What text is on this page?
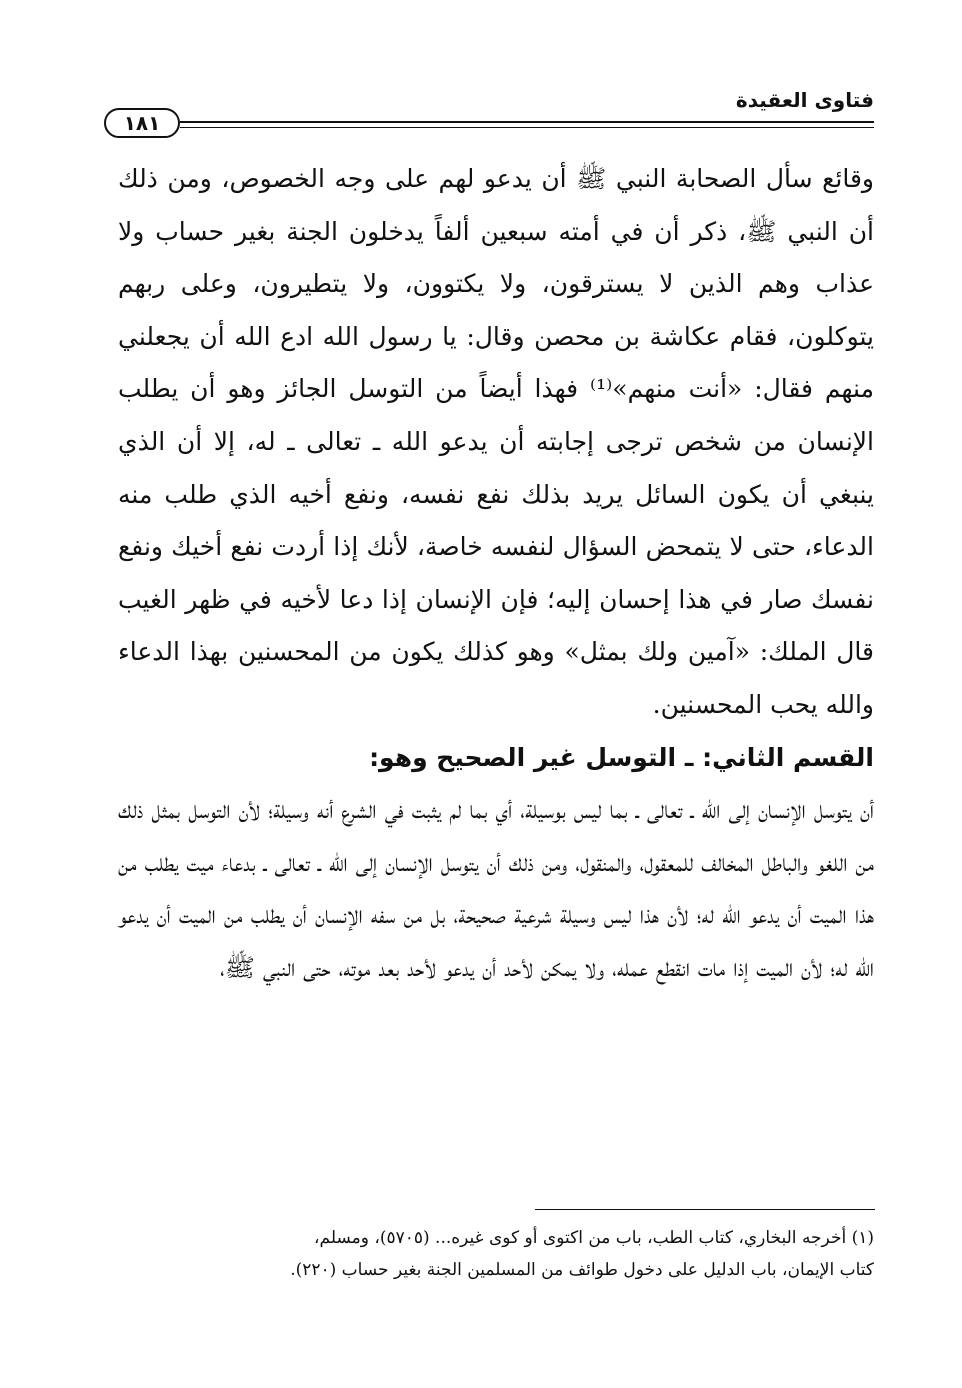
فتاوى العقيدة
١٨١

وقائع سأل الصحابة النبي ﷺ أن يدعو لهم على وجه الخصوص، ومن ذلك أن النبي ﷺ، ذكر أن في أمته سبعين ألفاً يدخلون الجنة بغير حساب ولا عذاب وهم الذين لا يسترقون، ولا يكتوون، ولا يتطيرون، وعلى ربهم يتوكلون، فقام عكاشة بن محصن وقال: يا رسول الله ادع الله أن يجعلني منهم فقال: «أنت منهم»⁽¹⁾ فهذا أيضاً من التوسل الجائز وهو أن يطلب الإنسان من شخص ترجى إجابته أن يدعو الله ـ تعالى ـ له، إلا أن الذي ينبغي أن يكون السائل يريد بذلك نفع نفسه، ونفع أخيه الذي طلب منه الدعاء، حتى لا يتمحض السؤال لنفسه خاصة، لأنك إذا أردت نفع أخيك ونفع نفسك صار في هذا إحسان إليه؛ فإن الإنسان إذا دعا لأخيه في ظهر الغيب قال الملك: «آمين ولك بمثل» وهو كذلك يكون من المحسنين بهذا الدعاء والله يحب المحسنين.

القسم الثاني: ـ التوسل غير الصحيح وهو:

أن يتوسل الإنسان إلى الله ـ تعالى ـ بما ليس بوسيلة، أي بما لم يثبت في الشرع أنه وسيلة؛ لأن التوسل بمثل ذلك من اللغو والباطل المخالف للمعقول، والمنقول، ومن ذلك أن يتوسل الإنسان إلى الله ـ تعالى ـ بدعاء ميت يطلب من هذا الميت أن يدعو الله له؛ لأن هذا ليس وسيلة شرعية صحيحة، بل من سفه الإنسان أن يطلب من الميت أن يدعو الله له؛ لأن الميت إذا مات انقطع عمله، ولا يمكن لأحد أن يدعو لأحد بعد موته، حتى النبي ﷺ،

(١) أخرجه البخاري، كتاب الطب، باب من اكتوى أو كوى غيره... (٥٧٠٥)، ومسلم،

كتاب الإيمان، باب الدليل على دخول طوائف من المسلمين الجنة بغير حساب (٢٢٠).
